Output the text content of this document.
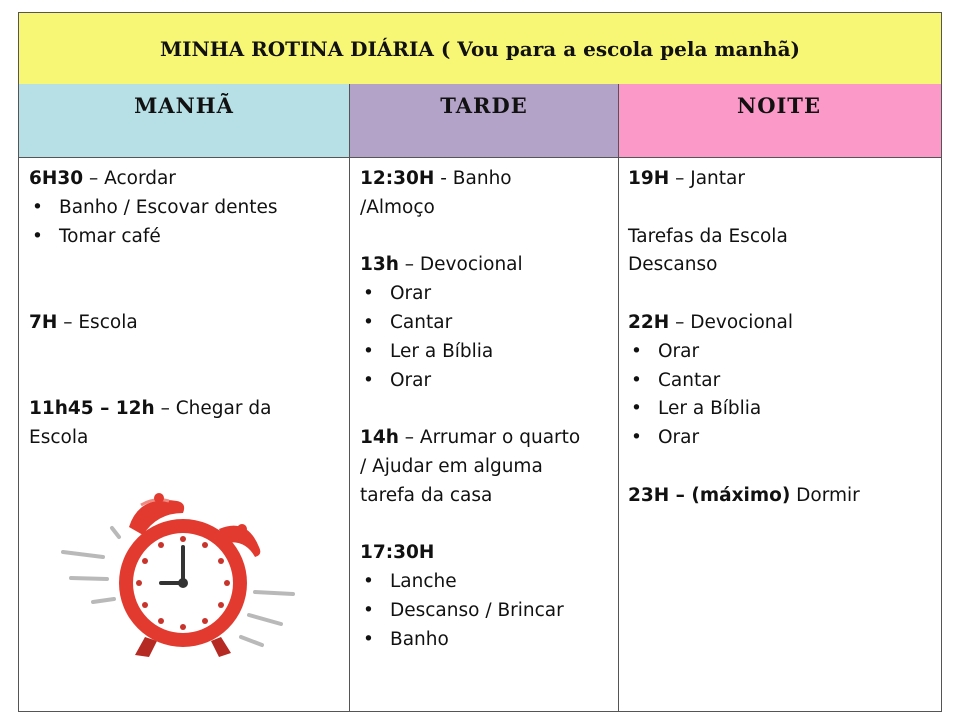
MINHA ROTINA DIÁRIA ( Vou para a escola pela manhã)
MANHÃ	TARDE	NOITE
6H30 – Acordar
• Banho / Escovar dentes
• Tomar café
7H – Escola
11h45 – 12h – Chegar da
Escola
12:30H - Banho
/Almoço
13h – Devocional
• Orar
• Cantar
• Ler a Bíblia
• Orar
14h – Arrumar o quarto
/ Ajudar em alguma
tarefa da casa
17:30H
• Lanche
• Descanso / Brincar
• Banho
19H – Jantar
Tarefas da Escola
Descanso
22H – Devocional
• Orar
• Cantar
• Ler a Bíblia
• Orar
23H – (máximo) Dormir
